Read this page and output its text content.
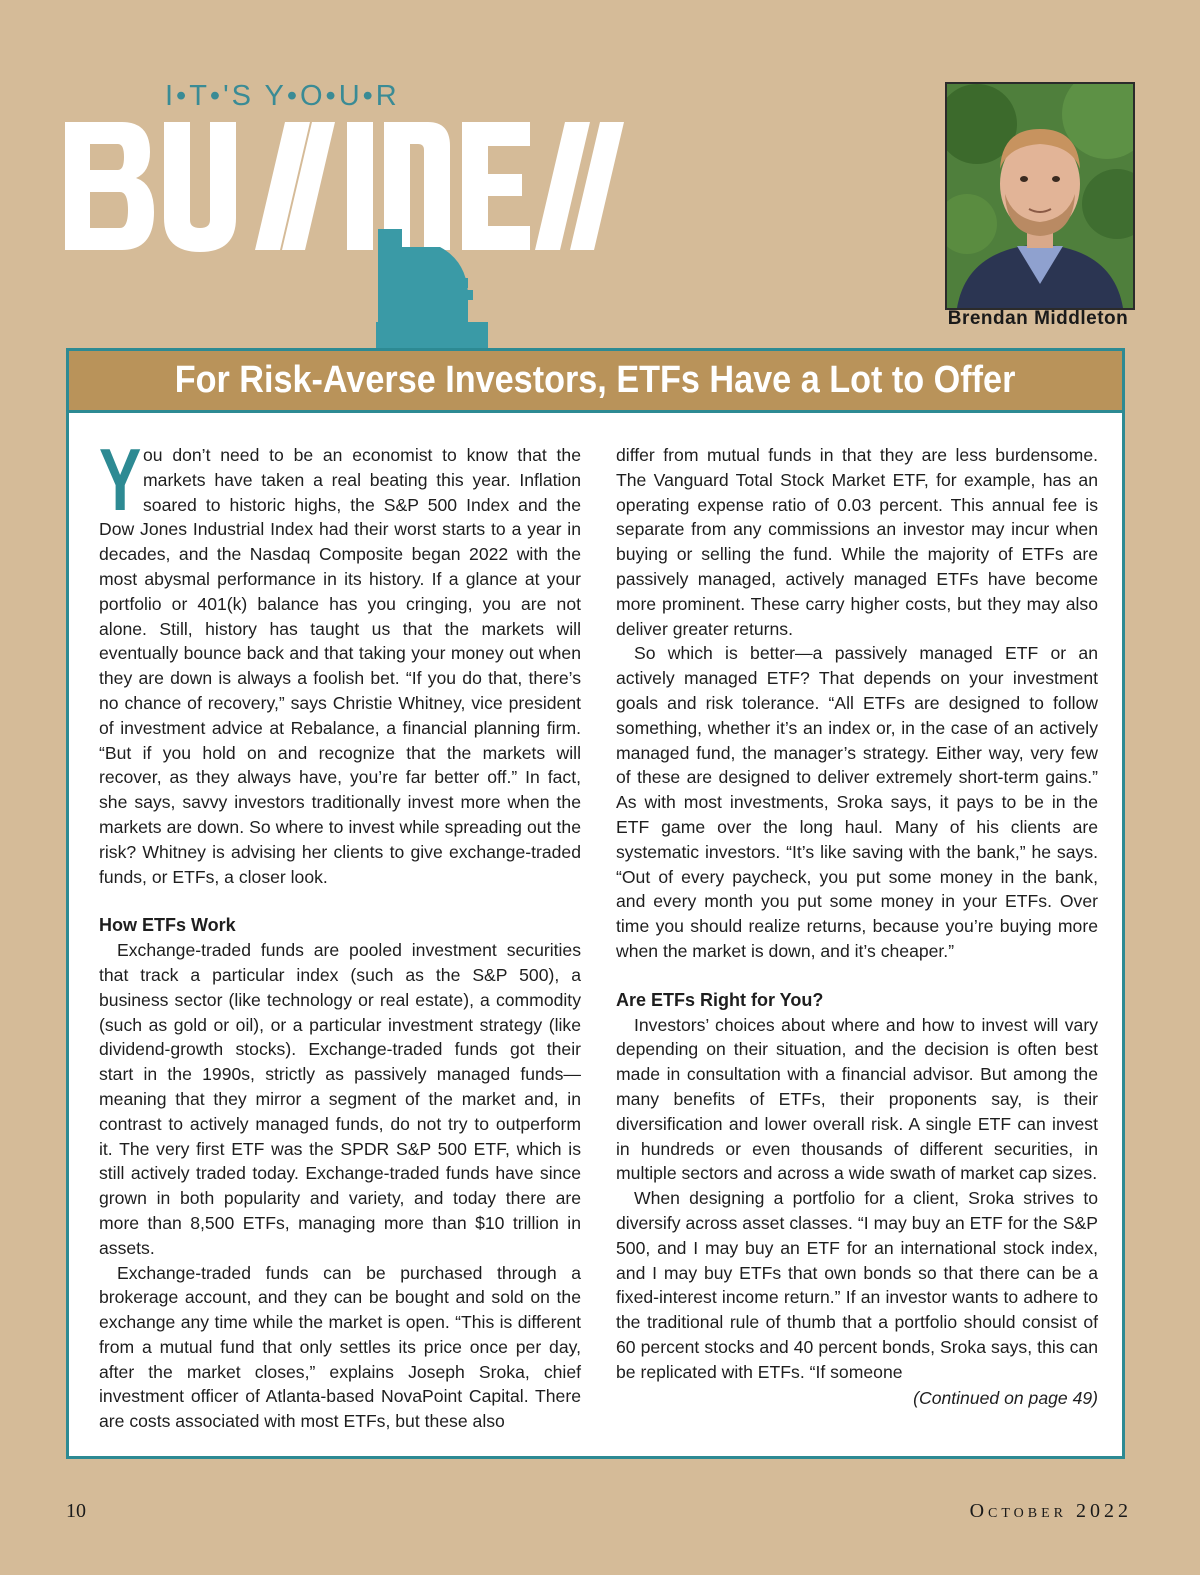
I•T•'S Y•O•U•R
Brendan Middleton
For Risk-Averse Investors, ETFs Have a Lot to Offer

You don’t need to be an economist to know that the markets have taken a real beating this year. Inflation soared to historic highs, the S&P 500 Index and the Dow Jones Industrial Index had their worst starts to a year in decades, and the Nasdaq Composite began 2022 with the most abysmal performance in its history. If a glance at your portfolio or 401(k) balance has you cringing, you are not alone. Still, history has taught us that the markets will eventually bounce back and that taking your money out when they are down is always a foolish bet. “If you do that, there’s no chance of recovery,” says Christie Whitney, vice president of investment advice at Rebalance, a financial planning firm. “But if you hold on and recognize that the markets will recover, as they always have, you’re far better off.” In fact, she says, savvy investors traditionally invest more when the markets are down. So where to invest while spreading out the risk? Whitney is advising her clients to give exchange-traded funds, or ETFs, a closer look.

How ETFs Work

Exchange-traded funds are pooled investment securities that track a particular index (such as the S&P 500), a business sector (like technology or real estate), a commodity (such as gold or oil), or a particular investment strategy (like dividend-growth stocks). Exchange-traded funds got their start in the 1990s, strictly as passively managed funds—meaning that they mirror a segment of the market and, in contrast to actively managed funds, do not try to outperform it. The very first ETF was the SPDR S&P 500 ETF, which is still actively traded today. Exchange-traded funds have since grown in both popularity and variety, and today there are more than 8,500 ETFs, managing more than $10 trillion in assets.

Exchange-traded funds can be purchased through a brokerage account, and they can be bought and sold on the exchange any time while the market is open. “This is different from a mutual fund that only settles its price once per day, after the market closes,” explains Joseph Sroka, chief investment officer of Atlanta-based NovaPoint Capital. There are costs associated with most ETFs, but these also

differ from mutual funds in that they are less burdensome. The Vanguard Total Stock Market ETF, for example, has an operating expense ratio of 0.03 percent. This annual fee is separate from any commissions an investor may incur when buying or selling the fund. While the majority of ETFs are passively managed, actively managed ETFs have become more prominent. These carry higher costs, but they may also deliver greater returns.

So which is better—a passively managed ETF or an actively managed ETF? That depends on your investment goals and risk tolerance. “All ETFs are designed to follow something, whether it’s an index or, in the case of an actively managed fund, the manager’s strategy. Either way, very few of these are designed to deliver extremely short-term gains.” As with most investments, Sroka says, it pays to be in the ETF game over the long haul. Many of his clients are systematic investors. “It’s like saving with the bank,” he says. “Out of every paycheck, you put some money in the bank, and every month you put some money in your ETFs. Over time you should realize returns, because you’re buying more when the market is down, and it’s cheaper.”

Are ETFs Right for You?

Investors’ choices about where and how to invest will vary depending on their situation, and the decision is often best made in consultation with a financial advisor. But among the many benefits of ETFs, their proponents say, is their diversification and lower overall risk. A single ETF can invest in hundreds or even thousands of different securities, in multiple sectors and across a wide swath of market cap sizes.

When designing a portfolio for a client, Sroka strives to diversify across asset classes. “I may buy an ETF for the S&P 500, and I may buy an ETF for an international stock index, and I may buy ETFs that own bonds so that there can be a fixed-interest income return.” If an investor wants to adhere to the traditional rule of thumb that a portfolio should consist of 60 percent stocks and 40 percent bonds, Sroka says, this can be replicated with ETFs. “If someone

(Continued on page 49)
10	October 2022
